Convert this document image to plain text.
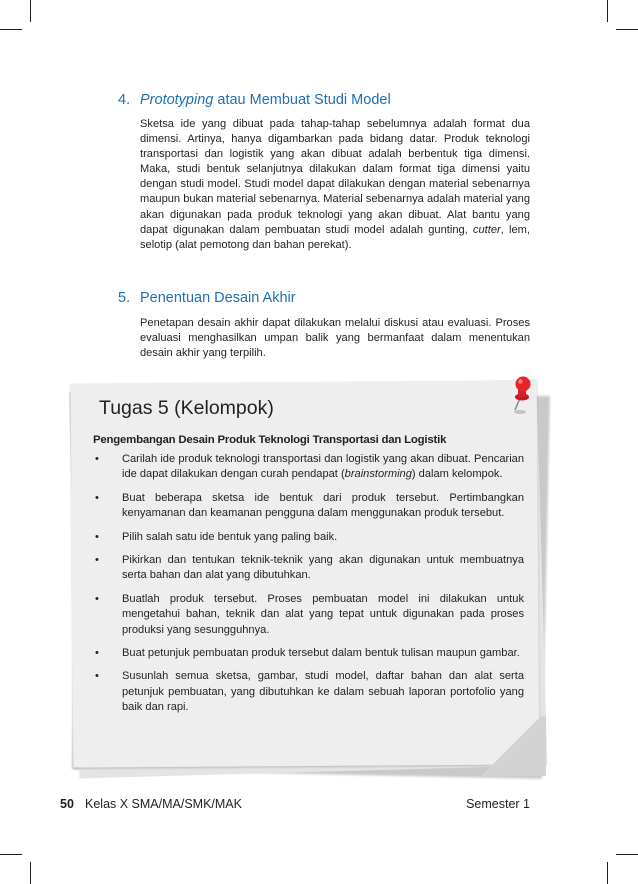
4. Prototyping atau Membuat Studi Model

Sketsa ide yang dibuat pada tahap-tahap sebelumnya adalah format dua dimensi. Artinya, hanya digambarkan pada bidang datar. Produk teknologi transportasi dan logistik yang akan dibuat adalah berbentuk tiga dimensi. Maka, studi bentuk selanjutnya dilakukan dalam format tiga dimensi yaitu dengan studi model. Studi model dapat dilakukan dengan material sebenarnya maupun bukan material sebenarnya. Material sebenarnya adalah material yang akan digunakan pada produk teknologi yang akan dibuat. Alat bantu yang dapat digunakan dalam pembuatan studi model adalah gunting, cutter, lem, selotip (alat pemotong dan bahan perekat).

5. Penentuan Desain Akhir

Penetapan desain akhir dapat dilakukan melalui diskusi atau evaluasi. Proses evaluasi menghasilkan umpan balik yang bermanfaat dalam menentukan desain akhir yang terpilih.

Tugas 5 (Kelompok)
Pengembangan Desain Produk Teknologi Transportasi dan Logistik
• Carilah ide produk teknologi transportasi dan logistik yang akan dibuat. Pencarian ide dapat dilakukan dengan curah pendapat (brainstorming) dalam kelompok.
• Buat beberapa sketsa ide bentuk dari produk tersebut. Pertimbangkan kenyamanan dan keamanan pengguna dalam menggunakan produk tersebut.
• Pilih salah satu ide bentuk yang paling baik.
• Pikirkan dan tentukan teknik-teknik yang akan digunakan untuk membuatnya serta bahan dan alat yang dibutuhkan.
• Buatlah produk tersebut. Proses pembuatan model ini dilakukan untuk mengetahui bahan, teknik dan alat yang tepat untuk digunakan pada proses produksi yang sesungguhnya.
• Buat petunjuk pembuatan produk tersebut dalam bentuk tulisan maupun gambar.
• Susunlah semua sketsa, gambar, studi model, daftar bahan dan alat serta petunjuk pembuatan, yang dibutuhkan ke dalam sebuah laporan portofolio yang baik dan rapi.
50 Kelas X SMA/MA/SMK/MAK	Semester 1
